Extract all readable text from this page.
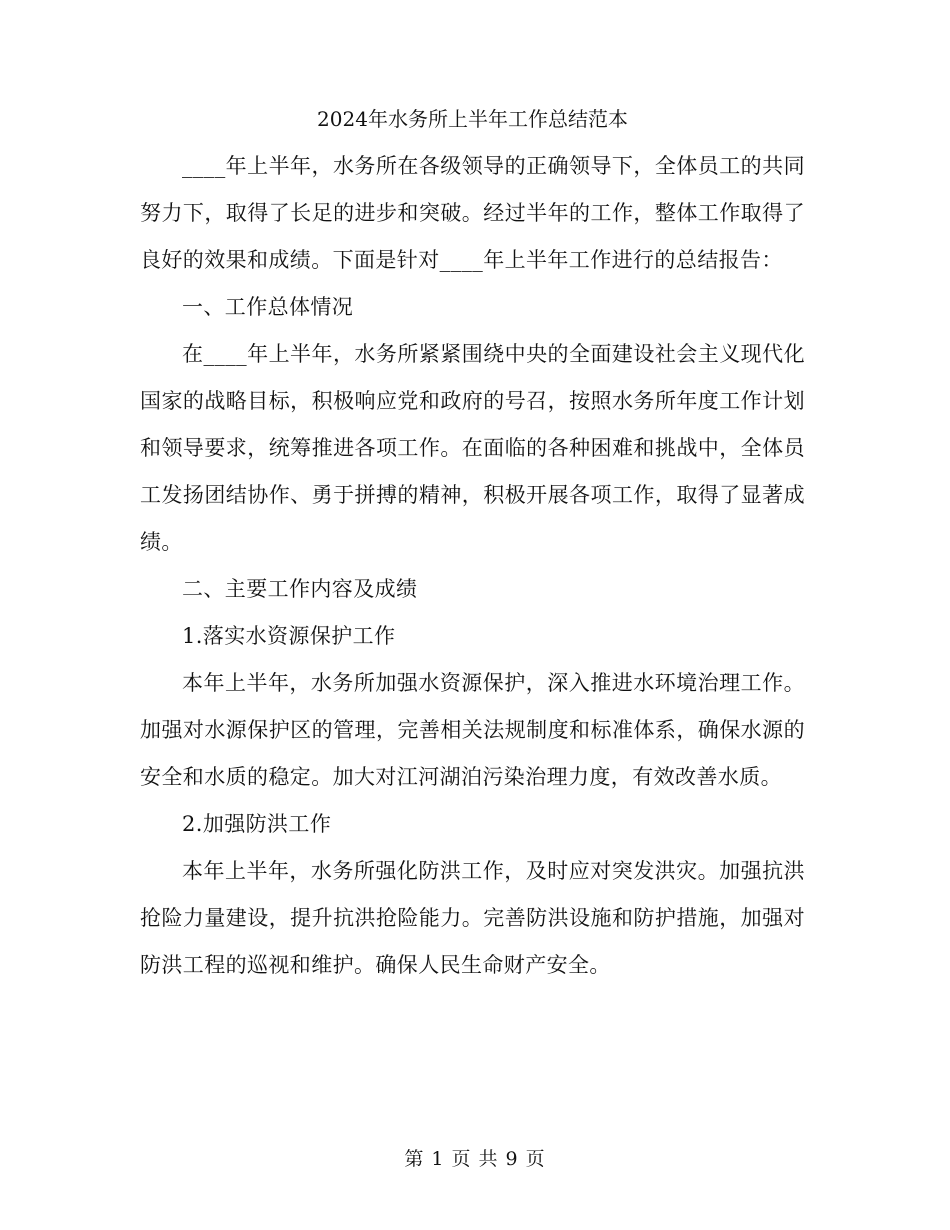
2024年水务所上半年工作总结范本

____年上半年，水务所在各级领导的正确领导下，全体员工的共同努力下，取得了长足的进步和突破。经过半年的工作，整体工作取得了良好的效果和成绩。下面是针对____年上半年工作进行的总结报告：

一、工作总体情况

在____年上半年，水务所紧紧围绕中央的全面建设社会主义现代化国家的战略目标，积极响应党和政府的号召，按照水务所年度工作计划和领导要求，统筹推进各项工作。在面临的各种困难和挑战中，全体员工发扬团结协作、勇于拼搏的精神，积极开展各项工作，取得了显著成绩。

二、主要工作内容及成绩

1.落实水资源保护工作

本年上半年，水务所加强水资源保护，深入推进水环境治理工作。加强对水源保护区的管理，完善相关法规制度和标准体系，确保水源的安全和水质的稳定。加大对江河湖泊污染治理力度，有效改善水质。

2.加强防洪工作

本年上半年，水务所强化防洪工作，及时应对突发洪灾。加强抗洪抢险力量建设，提升抗洪抢险能力。完善防洪设施和防护措施，加强对防洪工程的巡视和维护。确保人民生命财产安全。

第 1 页 共 9 页
